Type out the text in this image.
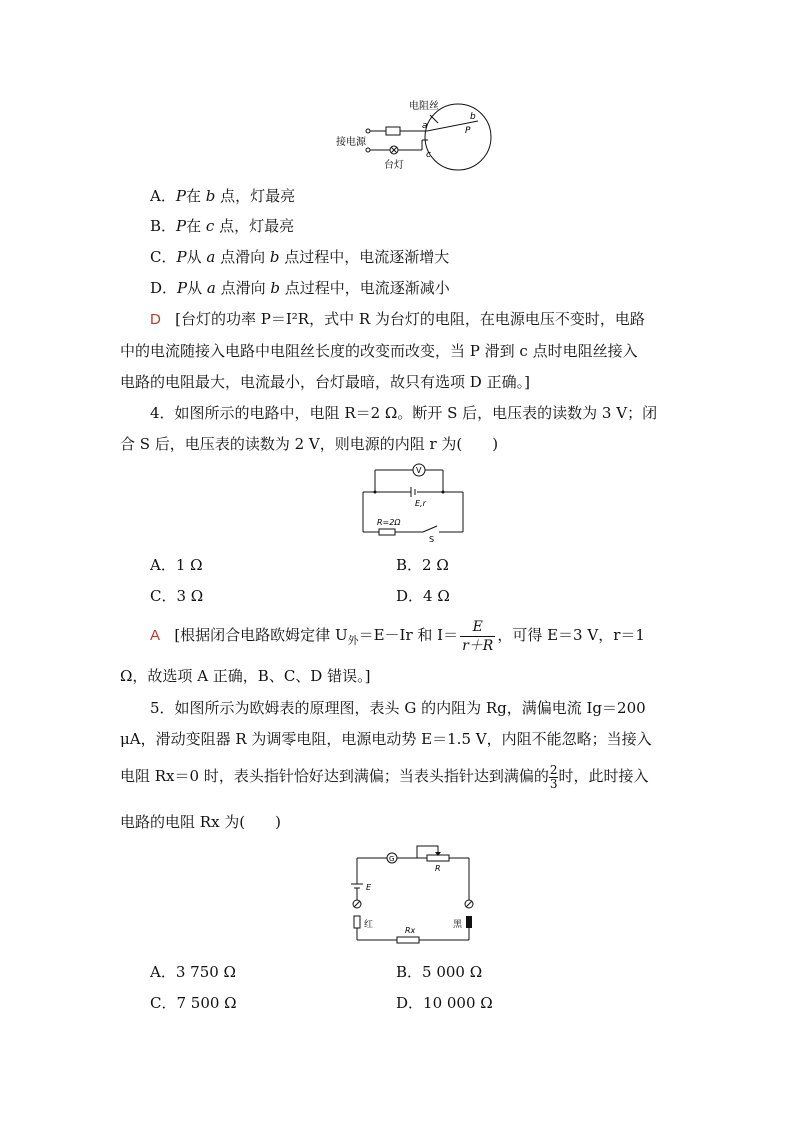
电阻丝
接电源
台灯
a
b
P
c
A．P在 b 点，灯最亮
B．P在 c 点，灯最亮
C．P从 a 点滑向 b 点过程中，电流逐渐增大
D．P从 a 点滑向 b 点过程中，电流逐渐减小
D [台灯的功率 P＝I²R，式中 R 为台灯的电阻，在电源电压不变时，电路
中的电流随接入电路中电阻丝长度的改变而改变，当 P 滑到 c 点时电阻丝接入
电路的电阻最大，电流最小，台灯最暗，故只有选项 D 正确。]
4．如图所示的电路中，电阻 R＝2 Ω。断开 S 后，电压表的读数为 3 V；闭
合 S 后，电压表的读数为 2 V，则电源的内阻 r 为(　　)
V
E,r
R=2Ω
S
A．1 Ω	B．2 Ω
C．3 Ω	D．4 Ω
A [根据闭合电路欧姆定律 $U_外=E-Ir$ 和 $I= \frac{E}{r+R}$ ，可得 E＝3 V，r＝1
Ω，故选项 A 正确，B、C、D 错误。]
5．如图所示为欧姆表的原理图，表头 G 的内阻为 Rg，满偏电流 Ig＝200
μA，滑动变阻器 R 为调零电阻，电源电动势 E＝1.5 V，内阻不能忽略；当接入
电阻 Rx＝0 时，表头指针恰好达到满偏；当表头指针达到满偏的 $\frac{2}{3}$ 时，此时接入
电路的电阻 Rx 为(　　)
G
R
E
红	黑
Rx
A．3 750 Ω	B．5 000 Ω
C．7 500 Ω	D．10 000 Ω
